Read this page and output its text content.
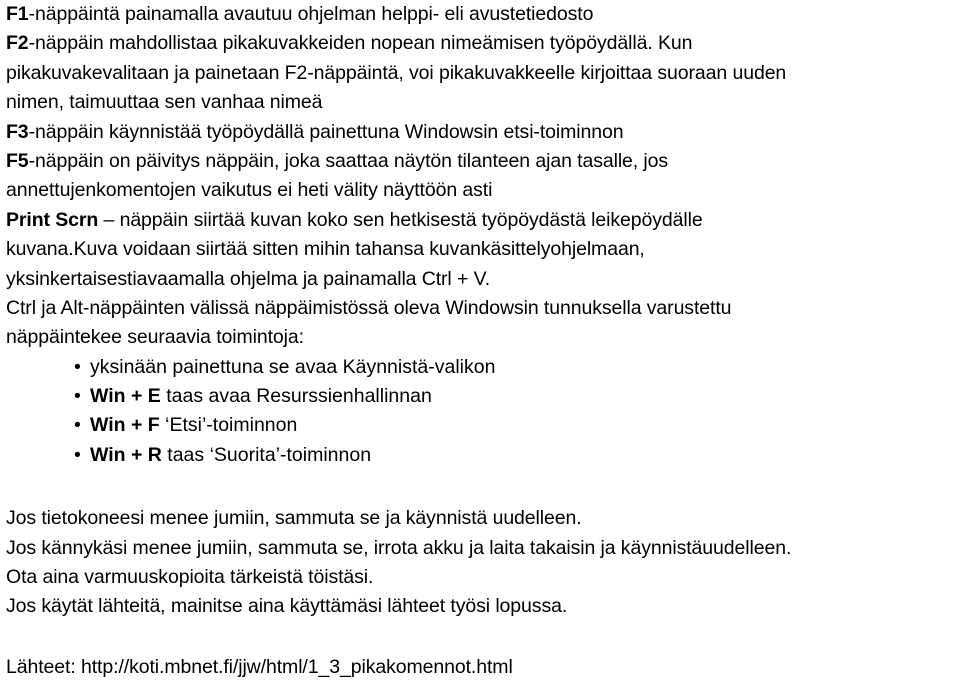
F1-näppäintä painamalla avautuu ohjelman helppi- eli avustetiedosto
F2-näppäin mahdollistaa pikakuvakkeiden nopean nimeämisen työpöydällä. Kun
pikakuvakevalitaan ja painetaan F2-näppäintä, voi pikakuvakkeelle kirjoittaa suoraan uuden
nimen, taimuuttaa sen vanhaa nimeä
F3-näppäin käynnistää työpöydällä painettuna Windowsin etsi-toiminnon
F5-näppäin on päivitys näppäin, joka saattaa näytön tilanteen ajan tasalle, jos
annettujenkomentojen vaikutus ei heti välity näyttöön asti
Print Scrn – näppäin siirtää kuvan koko sen hetkisestä työpöydästä leikepöydälle
kuvana.Kuva voidaan siirtää sitten mihin tahansa kuvankäsittelyohjelmaan,
yksinkertaisestiavaamalla ohjelma ja painamalla Ctrl + V.
Ctrl ja Alt-näppäinten välissä näppäimistössä oleva Windowsin tunnuksella varustettu
näppäintekee seuraavia toimintoja:
• yksinään painettuna se avaa Käynnistä-valikon
• Win + E taas avaa Resurssienhallinnan
• Win + F ‘Etsi’-toiminnon
• Win + R taas ‘Suorita’-toiminnon
Jos tietokoneesi menee jumiin, sammuta se ja käynnistä uudelleen.
Jos kännykäsi menee jumiin, sammuta se, irrota akku ja laita takaisin ja käynnistäuudelleen.
Ota aina varmuuskopioita tärkeistä töistäsi.
Jos käytät lähteitä, mainitse aina käyttämäsi lähteet työsi lopussa.
Lähteet: http://koti.mbnet.fi/jjw/html/1_3_pikakomennot.html
